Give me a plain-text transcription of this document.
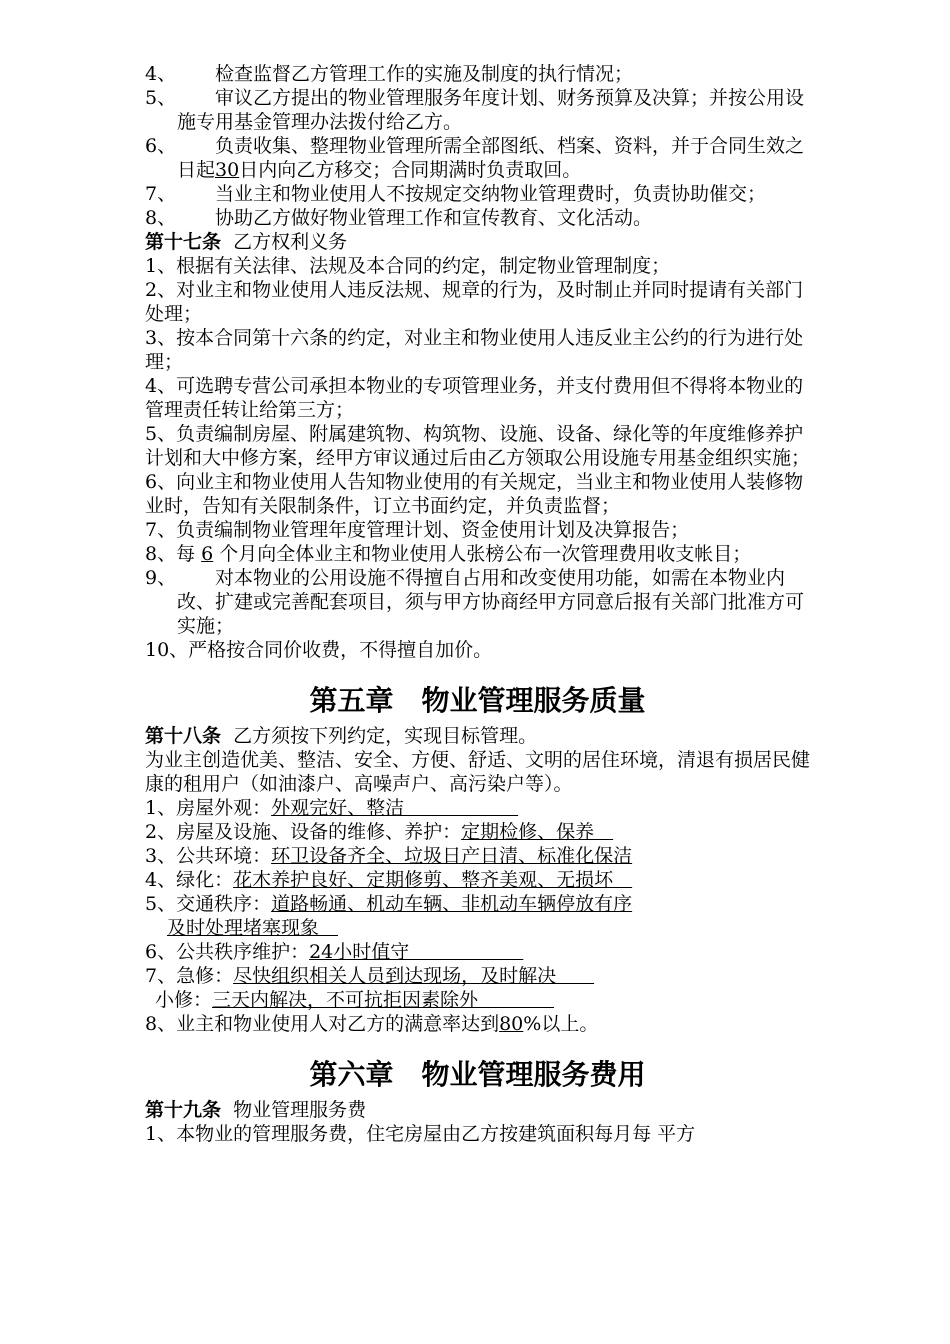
4、	检查监督乙方管理工作的实施及制度的执行情况；
5、	审议乙方提出的物业管理服务年度计划、财务预算及决算；并按公用设施专用基金管理办法拨付给乙方。
6、	负责收集、整理物业管理所需全部图纸、档案、资料，并于合同生效之日起30日内向乙方移交；合同期满时负责取回。
7、	当业主和物业使用人不按规定交纳物业管理费时，负责协助催交；
8、	协助乙方做好物业管理工作和宣传教育、文化活动。

第十七条 乙方权利义务

1、根据有关法律、法规及本合同的约定，制定物业管理制度；

2、对业主和物业使用人违反法规、规章的行为，及时制止并同时提请有关部门处理；

3、按本合同第十六条的约定，对业主和物业使用人违反业主公约的行为进行处理；

4、可选聘专营公司承担本物业的专项管理业务，并支付费用但不得将本物业的管理责任转让给第三方；

5、负责编制房屋、附属建筑物、构筑物、设施、设备、绿化等的年度维修养护计划和大中修方案，经甲方审议通过后由乙方领取公用设施专用基金组织实施；

6、向业主和物业使用人告知物业使用的有关规定，当业主和物业使用人装修物业时，告知有关限制条件，订立书面约定，并负责监督；

7、负责编制物业管理年度管理计划、资金使用计划及决算报告；

8、每 6 个月向全体业主和物业使用人张榜公布一次管理费用收支帐目；

9、	对本物业的公用设施不得擅自占用和改变使用功能，如需在本物业内改、扩建或完善配套项目，须与甲方协商经甲方同意后报有关部门批准方可实施；

10、严格按合同价收费，不得擅自加价。

第五章　物业管理服务质量

第十八条 乙方须按下列约定，实现目标管理。

为业主创造优美、整洁、安全、方便、舒适、文明的居住环境，清退有损居民健康的租用户（如油漆户、高噪声户、高污染户等）。

1、房屋外观：外观完好、整洁　　　　　　

2、房屋及设施、设备的维修、养护：定期检修、保养　

3、公共环境：环卫设备齐全、垃圾日产日清、标准化保洁

4、绿化：花木养护良好、定期修剪、整齐美观、无损坏　

5、交通秩序：道路畅通、机动车辆、非机动车辆停放有序

及时处理堵塞现象　

6、公共秩序维护：24小时值守　　　　　　

7、急修：尽快组织相关人员到达现场，及时解决　　

小修：三天内解决，不可抗拒因素除外　　　　

8、业主和物业使用人对乙方的满意率达到80%以上。

第六章　物业管理服务费用

第十九条 物业管理服务费

1、本物业的管理服务费，住宅房屋由乙方按建筑面积每月每 平方
